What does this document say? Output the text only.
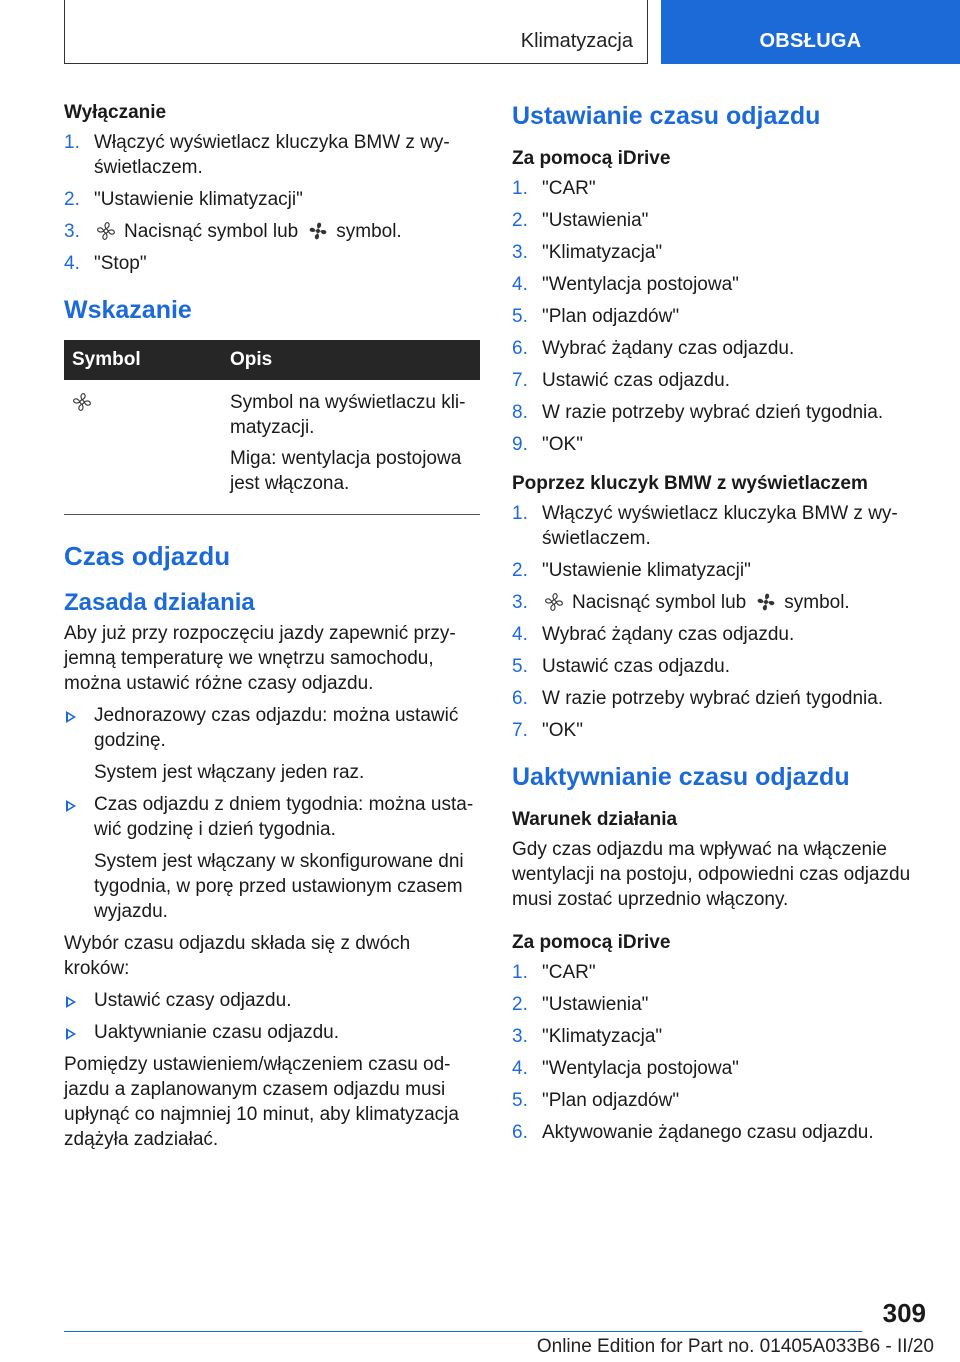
Klimatyzacja	OBSŁUGA
Wyłączanie
1. Włączyć wyświetlacz kluczyka BMW z wy- świetlaczem.
2. "Ustawienie klimatyzacji"
3. Nacisnąć symbol lub symbol.
4. "Stop"
Wskazanie
Symbol	Opis

Symbol na wyświetlaczu kli- matyzacji.

Miga: wentylacja postojowa jest włączona.

Czas odjazdu
Zasada działania

Aby już przy rozpoczęciu jazdy zapewnić przy- jemną temperaturę we wnętrzu samochodu, można ustawić różne czasy odjazdu.

Jednorazowy czas odjazdu: można ustawić godzinę.

System jest włączany jeden raz.

Czas odjazdu z dniem tygodnia: można usta- wić godzinę i dzień tygodnia.

System jest włączany w skonfigurowane dni tygodnia, w porę przed ustawionym czasem wyjazdu.

Wybór czasu odjazdu składa się z dwóch kroków:

Ustawić czasy odjazdu.
Uaktywnianie czasu odjazdu.

Pomiędzy ustawieniem/włączeniem czasu od- jazdu a zaplanowanym czasem odjazdu musi upłynąć co najmniej 10 minut, aby klimatyzacja zdążyła zadziałać.

Ustawianie czasu odjazdu
Za pomocą iDrive
1. "CAR"
2. "Ustawienia"
3. "Klimatyzacja"
4. "Wentylacja postojowa"
5. "Plan odjazdów"
6. Wybrać żądany czas odjazdu.
7. Ustawić czas odjazdu.
8. W razie potrzeby wybrać dzień tygodnia.
9. "OK"
Poprzez kluczyk BMW z wyświetlaczem
1. Włączyć wyświetlacz kluczyka BMW z wy- świetlaczem.
2. "Ustawienie klimatyzacji"
3. Nacisnąć symbol lub symbol.
4. Wybrać żądany czas odjazdu.
5. Ustawić czas odjazdu.
6. W razie potrzeby wybrać dzień tygodnia.
7. "OK"
Uaktywnianie czasu odjazdu
Warunek działania

Gdy czas odjazdu ma wpływać na włączenie wentylacji na postoju, odpowiedni czas odjazdu musi zostać uprzednio włączony.

Za pomocą iDrive
1. "CAR"
2. "Ustawienia"
3. "Klimatyzacja"
4. "Wentylacja postojowa"
5. "Plan odjazdów"
6. Aktywowanie żądanego czasu odjazdu.
309
Online Edition for Part no. 01405A033B6 - II/20
